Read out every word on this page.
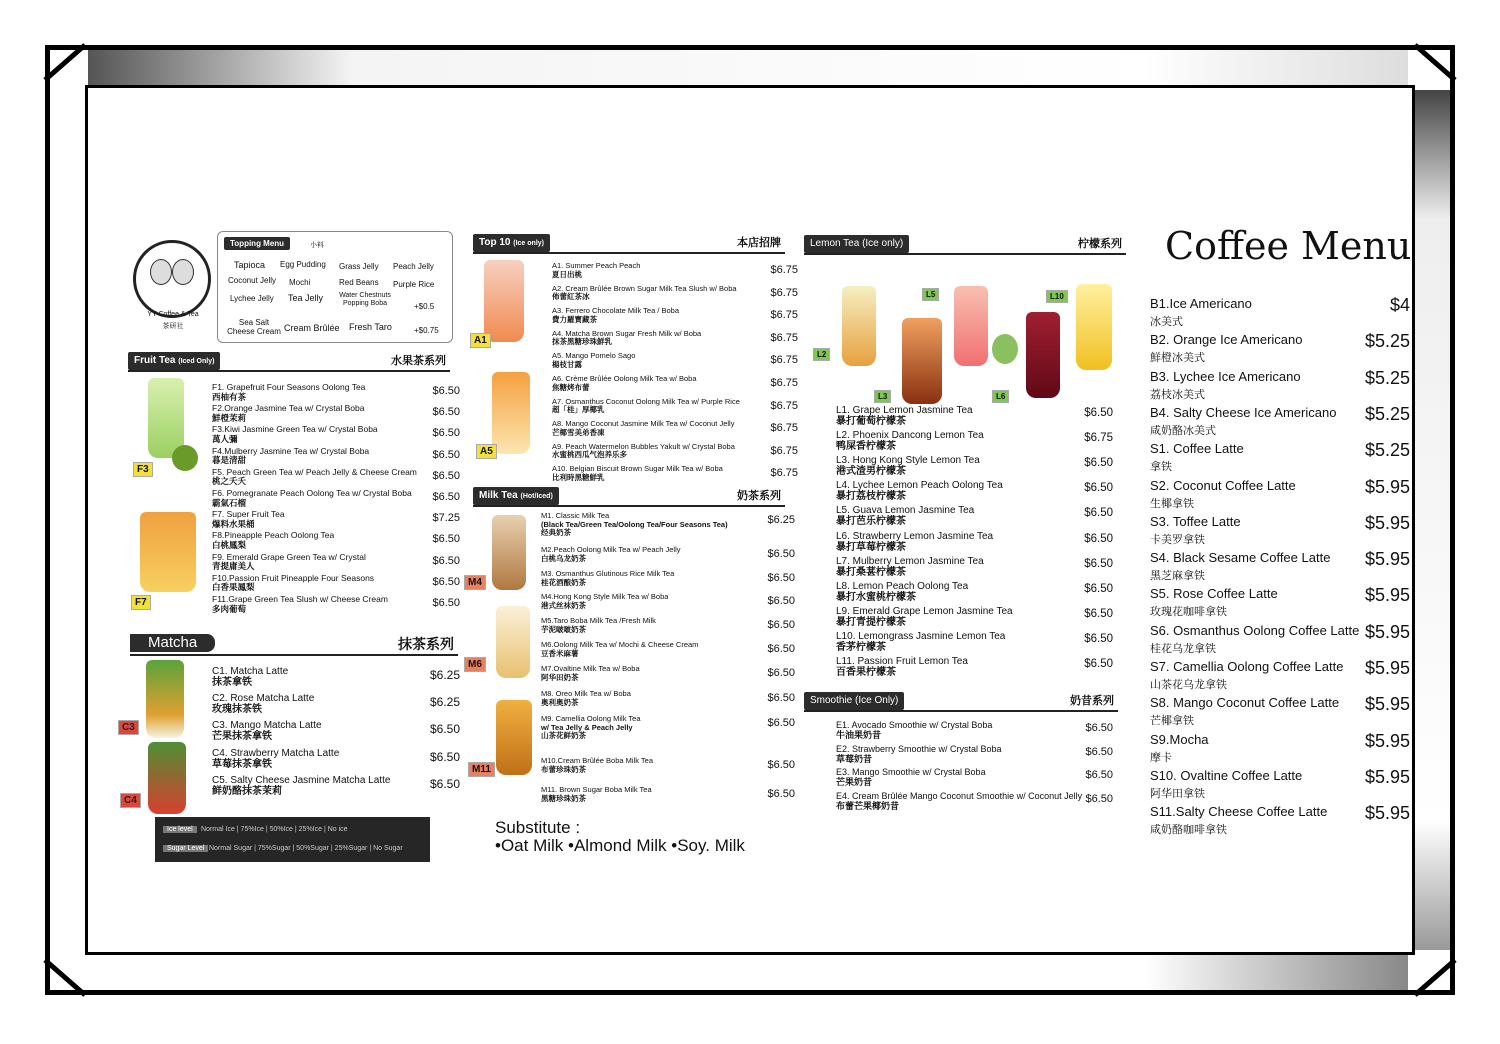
YY Coffee & Tea
茶研社
Topping Menu	小料
Tapioca Egg Pudding Grass Jelly Peach Jelly
Coconut Jelly Mochi	Red Beans Purple Rice
Lychee Jelly Tea Jelly	Water Chestnuts Popping Boba	+$0.5
Sea Salt Cheese Cream Cream Brûlée Fresh Taro	+$0.75
Fruit Tea (Iced Only)	水果茶系列
F1. Grapefruit Four Seasons Oolong Tea
西柚有茶	$6.50
F2.Orange Jasmine Tea w/ Crystal Boba
鮮橙茉莉	$6.50
F3.Kiwi Jasmine Green Tea w/ Crystal Boba
萬人彌	$6.50
F4.Mulberry Jasmine Tea w/ Crystal Boba
暮是清甜	$6.50
F5. Peach Green Tea w/ Peach Jelly & Cheese Cream
桃之夭夭	$6.50
F6. Pomegranate Peach Oolong Tea w/ Crystal Boba
霸氣石榴	$6.50
F7. Super Fruit Tea
爆料水果桶	$7.25
F8.Pineapple Peach Oolong Tea
白桃鳳梨	$6.50
F9. Emerald Grape Green Tea w/ Crystal
青提庸美人	$6.50
F10.Passion Fruit Pineapple Four Seasons
白香果鳳梨	$6.50
F11.Grape Green Tea Slush w/ Cheese Cream
多肉葡萄	$6.50
F3
F7
Matcha	抹茶系列
C1. Matcha Latte
抹茶拿铁
$6.25
C2. Rose Matcha Latte
玫瑰抹茶铁
$6.25
C3. Mango Matcha Latte
芒果抹茶拿铁
$6.50
C4. Strawberry Matcha Latte
草莓抹茶拿铁
$6.50
C5. Salty Cheese Jasmine Matcha Latte
鲜奶酪抹茶茉莉
$6.50
C3
C4
Ice level	Normal Ice | 75%Ice | 50%Ice | 25%Ice | No ice
Sugar Level Normal Sugar | 75%Sugar | 50%Sugar | 25%Sugar | No Sugar
Top 10 (Ice only)	本店招牌
A1. Summer Peach Peach
夏日出桃	$6.75
A2. Cream Brûlée Brown Sugar Milk Tea Slush w/ Boba
佈蕾紅茶冰	$6.75
A3. Ferrero Chocolate Milk Tea / Boba
費力羅寶藏茶	$6.75
A4. Matcha Brown Sugar Fresh Milk w/ Boba
抹茶黑糖珍珠鮮乳	$6.75
A5. Mango Pomelo Sago
楊枝甘露	$6.75
A6. Crème Brûlée Oolong Milk Tea w/ Boba
焦糖烤布蕾	$6.75
A7. Osmanthus Coconut Oolong Milk Tea w/ Purple Rice
超「桂」厚椰乳	$6.75
A8. Mango Coconut Jasmine Milk Tea w/ Coconut Jelly
芒椰雪美弟香凍	$6.75
A9. Peach Watermelon Bubbles Yakult w/ Crystal Boba
水蜜桃西瓜气泡养乐多	$6.75
A10. Belgian Biscuit Brown Sugar Milk Tea w/ Boba
比利時黑糖鮮乳	$6.75
A1
A5
Milk Tea (Hot/Iced)	奶茶系列
M1. Classic Milk Tea
(Black Tea/Green Tea/Oolong Tea/Four Seasons Tea)
经典奶茶
$6.25
M2.Peach Oolong Milk Tea w/ Peach Jelly
白桃乌龙奶茶	$6.50
M3. Osmanthus Glutinous Rice Milk Tea
桂花酒酿奶茶	$6.50
M4.Hong Kong Style Milk Tea w/ Boba
港式丝袜奶茶	$6.50
M5.Taro Boba Milk Tea /Fresh Milk
芋泥啵啵奶茶	$6.50
M6.Oolong Milk Tea w/ Mochi & Cheese Cream
豆香米麻薯	$6.50
M7.Ovaltine Milk Tea w/ Boba
阿华田奶茶	$6.50
M8. Oreo Milk Tea w/ Boba
奥利奥奶茶	$6.50
M9. Camellia Oolong Milk Tea
w/ Tea Jelly & Peach Jelly
山茶花鲜奶茶
$6.50
M10.Cream Brûlée Boba Milk Tea
布蕾珍珠奶茶	$6.50
M11. Brown Sugar Boba Milk Tea
黑糖珍珠奶茶	$6.50
M4
M6
M11
Substitute :
•Oat Milk •Almond Milk •Soy. Milk
Lemon Tea (Ice only)	柠檬系列
L5	L10
L2
L3	L6
L1. Grape Lemon Jasmine Tea
暴打葡萄柠檬茶
$6.50
L2. Phoenix Dancong Lemon Tea
鸭屎香柠檬茶
$6.75
L3. Hong Kong Style Lemon Tea
港式渣男柠檬茶
$6.50
L4. Lychee Lemon Peach Oolong Tea
暴打荔枝柠檬茶
$6.50
L5. Guava Lemon Jasmine Tea
暴打芭乐柠檬茶
$6.50
L6. Strawberry Lemon Jasmine Tea
暴打草莓柠檬茶
$6.50
L7. Mulberry Lemon Jasmine Tea
暴打桑葚柠檬茶
$6.50
L8. Lemon Peach Oolong Tea
暴打水蜜桃柠檬茶
$6.50
L9. Emerald Grape Lemon Jasmine Tea
暴打青提柠檬茶
$6.50
L10. Lemongrass Jasmine Lemon Tea
香茅柠檬茶
$6.50
L11. Passion Fruit Lemon Tea
百香果柠檬茶
$6.50
Smoothie (Ice Only)	奶昔系列
E1. Avocado Smoothie w/ Crystal Boba
牛油果奶昔
$6.50
E2. Strawberry Smoothie w/ Crystal Boba
草莓奶昔
$6.50
E3. Mango Smoothie w/ Crystal Boba
芒果奶昔
$6.50
E4. Cream Brûlée Mango Coconut Smoothie w/ Coconut Jelly
布蕾芒果椰奶昔
$6.50
Coffee Menu
B1.Ice Americano
冰美式
$4
B2. Orange Ice Americano
鮮橙冰美式
$5.25
B3. Lychee Ice Americano
荔枝冰美式
$5.25
B4. Salty Cheese Ice Americano
咸奶酪冰美式
$5.25
S1. Coffee Latte
拿铁
$5.25
S2. Coconut Coffee Latte
生椰拿铁
$5.95
S3. Toffee Latte
卡美罗拿铁
$5.95
S4. Black Sesame Coffee Latte
黑芝麻拿铁
$5.95
S5. Rose Coffee Latte
玫瑰花咖啡拿铁
$5.95
S6. Osmanthus Oolong Coffee Latte
桂花乌龙拿铁
$5.95
S7. Camellia Oolong Coffee Latte
山茶花乌龙拿铁
$5.95
S8. Mango Coconut Coffee Latte
芒椰拿铁
$5.95
S9.Mocha
摩卡
$5.95
S10. Ovaltine Coffee Latte
阿华田拿铁
$5.95
S11.Salty Cheese Coffee Latte
咸奶酪咖啡拿铁
$5.95
